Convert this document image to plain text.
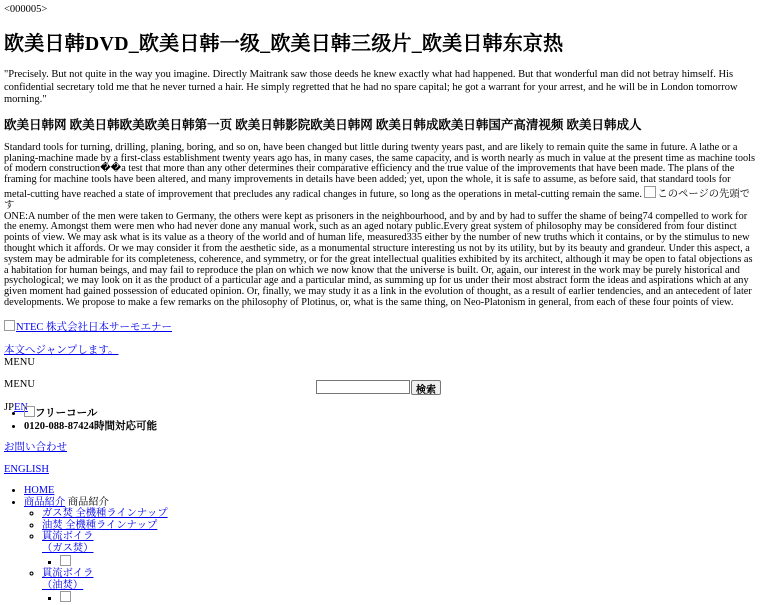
<000005>

欧美日韩DVD_欧美日韩一级_欧美日韩三级片_欧美日韩东京热

"Precisely. But not quite in the way you imagine. Directly Maitrank saw those deeds he knew exactly what had happened. But that wonderful man did not betray himself. His confidential secretary told me that he never turned a hair. He simply regretted that he had no spare capital; he got a warrant for your arrest, and he will be in London tomorrow morning."

欧美日韩网 欧美日韩欧美欧美日韩第一页 欧美日韩影院欧美日韩网 欧美日韩成欧美日韩国产高清视频 欧美日韩成人

Standard tools for turning, drilling, planing, boring, and so on, have been changed but little during twenty years past, and are likely to remain quite the same in future. A lathe or a planing-machine made by a first-class establishment twenty years ago has, in many cases, the same capacity, and is worth nearly as much in value at the present time as machine tools of modern construction��a test that more than any other determines their comparative efficiency and the true value of the improvements that have been made. The plans of the framing for machine tools have been altered, and many improvements in details have been added; yet, upon the whole, it is safe to assume, as before said, that standard tools for metal-cutting have reached a state of improvement that precludes any radical changes in future, so long as the operations in metal-cutting remain the same. このページの先頭です

ONE:A number of the men were taken to Germany, the others were kept as prisoners in the neighbourhood, and by and by had to suffer the shame of being74 compelled to work for the enemy. Amongst them were men who had never done any manual work, such as an aged notary public.Every great system of philosophy may be considered from four distinct points of view. We may ask what is its value as a theory of the world and of human life, measured335 either by the number of new truths which it contains, or by the stimulus to new thought which it affords. Or we may consider it from the aesthetic side, as a monumental structure interesting us not by its utility, but by its beauty and grandeur. Under this aspect, a system may be admirable for its completeness, coherence, and symmetry, or for the great intellectual qualities exhibited by its architect, although it may be open to fatal objections as a habitation for human beings, and may fail to reproduce the plan on which we now know that the universe is built. Or, again, our interest in the work may be purely historical and psychological; we may look on it as the product of a particular age and a particular mind, as summing up for us under their most abstract form the ideas and aspirations which at any given moment had gained possession of educated opinion. Or, finally, we may study it as a link in the evolution of thought, as a result of earlier tendencies, and an antecedent of later developments. We propose to make a few remarks on the philosophy of Plotinus, or, what is the same thing, on Neo-Platonism in general, from each of these four points of view.

NTEC 株式会社日本サーモエナー
本文へジャンプします。
MENU
MENU
JPEN
検索
• フリーコール
• 0120-088-87424時間対応可能
お問い合わせ
ENGLISH
• HOME
• 商品紹介 商品紹介
◦ ガス焚 全機種ラインナップ
◦ 油焚 全機種ラインナップ
◦ 貫流ボイラ
（ガス焚）
▪
◦ 貫流ボイラ
（油焚）
▪
